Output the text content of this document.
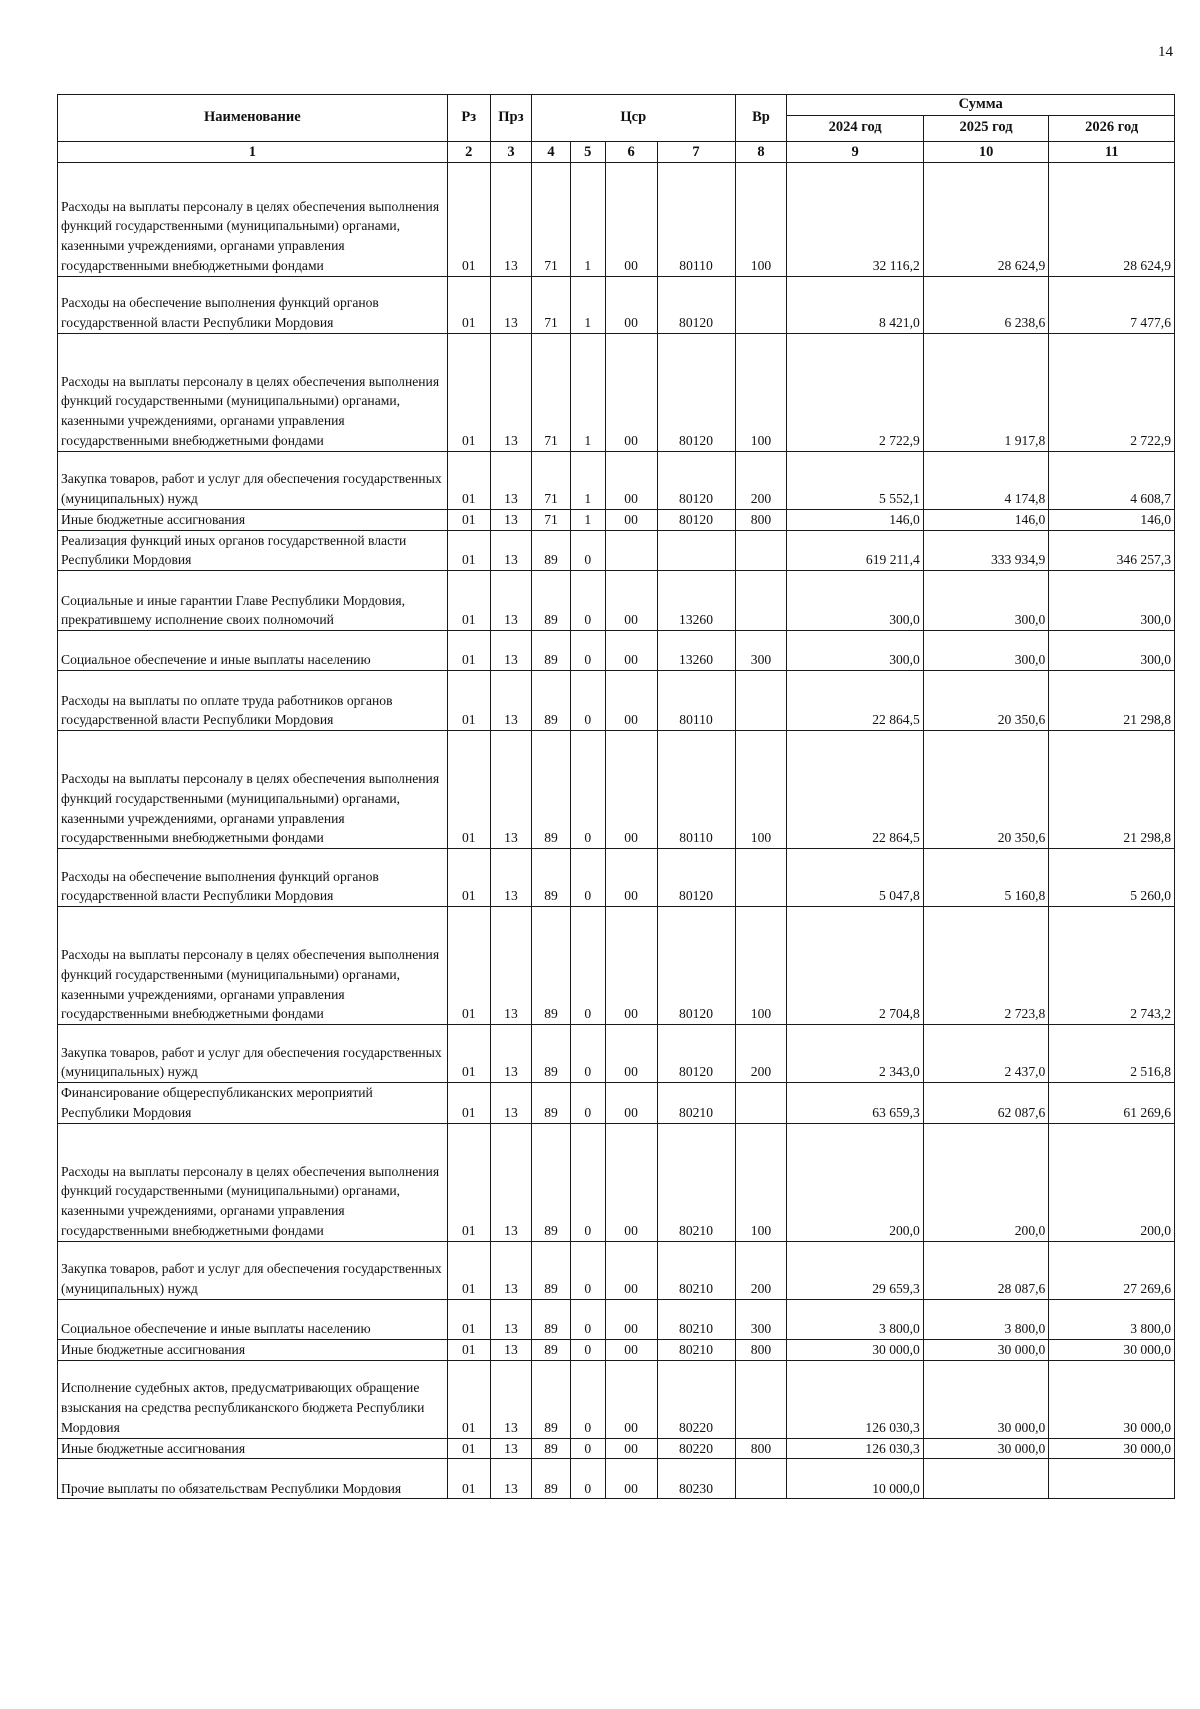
14
Наименование	Рз	Прз	Цср				Вр	Сумма		
								2024 год	2025 год	2026 год
1	2	3	4	5	6	7	8	9	10	11
Расходы на выплаты персоналу в целях обеспечения выполнения функций государственными (муниципальными) органами, казенными учреждениями, органами управления государственными внебюджетными фондами	01	13	71	1	00	80110	100	32 116,2	28 624,9	28 624,9
Расходы на обеспечение выполнения функций органов государственной власти Республики Мордовия	01	13	71	1	00	80120		8 421,0	6 238,6	7 477,6
Расходы на выплаты персоналу в целях обеспечения выполнения функций государственными (муниципальными) органами, казенными учреждениями, органами управления государственными внебюджетными фондами	01	13	71	1	00	80120	100	2 722,9	1 917,8	2 722,9
Закупка товаров, работ и услуг для обеспечения государственных (муниципальных) нужд	01	13	71	1	00	80120	200	5 552,1	4 174,8	4 608,7
Иные бюджетные ассигнования	01	13	71	1	00	80120	800	146,0	146,0	146,0
Реализация функций иных органов государственной власти Республики Мордовия	01	13	89	0				619 211,4	333 934,9	346 257,3
Социальные и иные гарантии Главе Республики Мордовия, прекратившему исполнение своих полномочий	01	13	89	0	00	13260		300,0	300,0	300,0
Социальное обеспечение и иные выплаты населению	01	13	89	0	00	13260	300	300,0	300,0	300,0
Расходы на выплаты по оплате труда работников органов государственной власти Республики Мордовия	01	13	89	0	00	80110		22 864,5	20 350,6	21 298,8
Расходы на выплаты персоналу в целях обеспечения выполнения функций государственными (муниципальными) органами, казенными учреждениями, органами управления государственными внебюджетными фондами	01	13	89	0	00	80110	100	22 864,5	20 350,6	21 298,8
Расходы на обеспечение выполнения функций органов государственной власти Республики Мордовия	01	13	89	0	00	80120		5 047,8	5 160,8	5 260,0
Расходы на выплаты персоналу в целях обеспечения выполнения функций государственными (муниципальными) органами, казенными учреждениями, органами управления государственными внебюджетными фондами	01	13	89	0	00	80120	100	2 704,8	2 723,8	2 743,2
Закупка товаров, работ и услуг для обеспечения государственных (муниципальных) нужд	01	13	89	0	00	80120	200	2 343,0	2 437,0	2 516,8
Финансирование общереспубликанских мероприятий Республики Мордовия	01	13	89	0	00	80210		63 659,3	62 087,6	61 269,6
Расходы на выплаты персоналу в целях обеспечения выполнения функций государственными (муниципальными) органами, казенными учреждениями, органами управления государственными внебюджетными фондами	01	13	89	0	00	80210	100	200,0	200,0	200,0
Закупка товаров, работ и услуг для обеспечения государственных (муниципальных) нужд	01	13	89	0	00	80210	200	29 659,3	28 087,6	27 269,6
Социальное обеспечение и иные выплаты населению	01	13	89	0	00	80210	300	3 800,0	3 800,0	3 800,0
Иные бюджетные ассигнования	01	13	89	0	00	80210	800	30 000,0	30 000,0	30 000,0
Исполнение судебных актов, предусматривающих обращение взыскания на средства республиканского бюджета Республики Мордовия	01	13	89	0	00	80220		126 030,3	30 000,0	30 000,0
Иные бюджетные ассигнования	01	13	89	0	00	80220	800	126 030,3	30 000,0	30 000,0
Прочие выплаты по обязательствам Республики Мордовия	01	13	89	0	00	80230		10 000,0		
